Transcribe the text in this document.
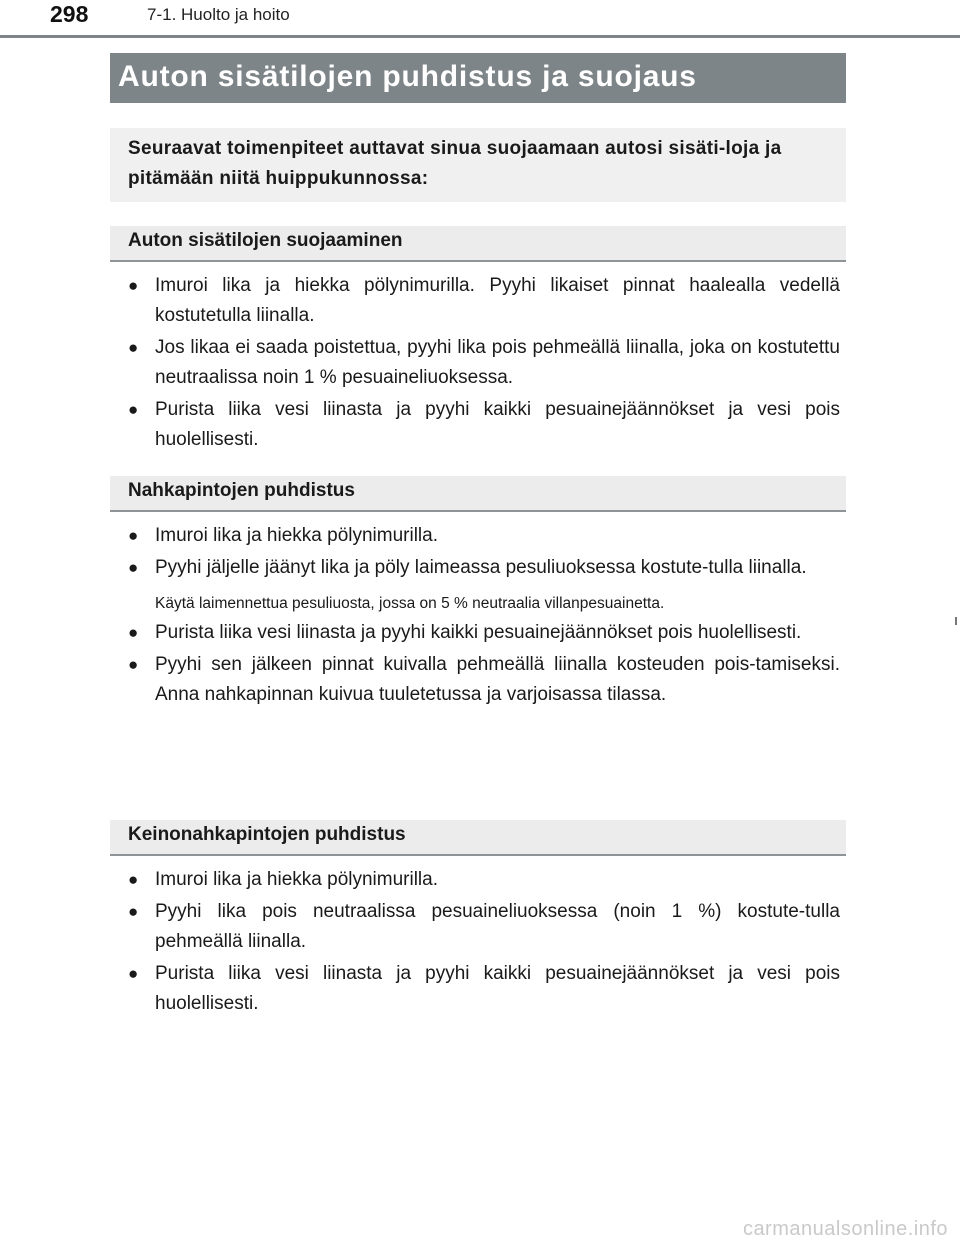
298	7-1. Huolto ja hoito
Auton sisätilojen puhdistus ja suojaus
Seuraavat toimenpiteet auttavat sinua suojaamaan autosi sisäti-loja ja pitämään niitä huippukunnossa:
Auton sisätilojen suojaaminen
● Imuroi lika ja hiekka pölynimurilla. Pyyhi likaiset pinnat haalealla vedellä kostutetulla liinalla.
● Jos likaa ei saada poistettua, pyyhi lika pois pehmeällä liinalla, joka on kostutettu neutraalissa noin 1 % pesuaineliuoksessa.
● Purista liika vesi liinasta ja pyyhi kaikki pesuainejäännökset ja vesi pois huolellisesti.
Nahkapintojen puhdistus
● Imuroi lika ja hiekka pölynimurilla.
● Pyyhi jäljelle jäänyt lika ja pöly laimeassa pesuliuoksessa kostute-tulla liinalla.
Käytä laimennettua pesuliuosta, jossa on 5 % neutraalia villanpesuainetta.
● Purista liika vesi liinasta ja pyyhi kaikki pesuainejäännökset pois huolellisesti.
● Pyyhi sen jälkeen pinnat kuivalla pehmeällä liinalla kosteuden pois-tamiseksi. Anna nahkapinnan kuivua tuuletetussa ja varjoisassa tilassa.
Keinonahkapintojen puhdistus
● Imuroi lika ja hiekka pölynimurilla.
● Pyyhi lika pois neutraalissa pesuaineliuoksessa (noin 1 %) kostute-tulla pehmeällä liinalla.
● Purista liika vesi liinasta ja pyyhi kaikki pesuainejäännökset ja vesi pois huolellisesti.
carmanualsonline.info
